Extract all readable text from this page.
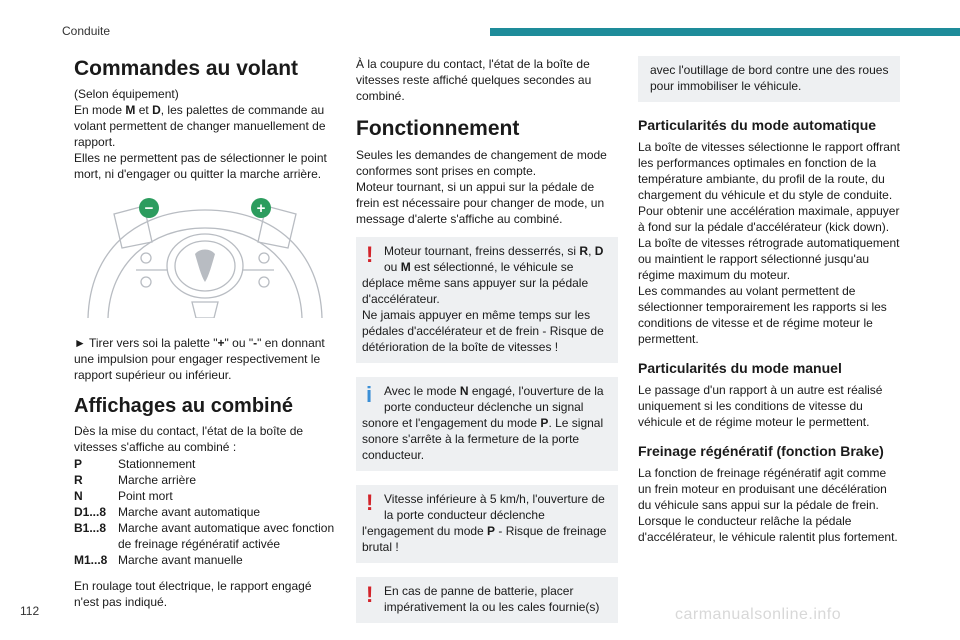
Conduite
Commandes au volant
(Selon équipement)
En mode M et D, les palettes de commande au volant permettent de changer manuellement de rapport.
Elles ne permettent pas de sélectionner le point mort, ni d'engager ou quitter la marche arrière.
−	+
► Tirer vers soi la palette "+" ou "-" en donnant une impulsion pour engager respectivement le rapport supérieur ou inférieur.
Affichages au combiné
Dès la mise du contact, l'état de la boîte de vitesses s'affiche au combiné :
P	Stationnement
R	Marche arrière
N	Point mort
D1...8 Marche avant automatique
B1...8 Marche avant automatique avec fonction de freinage régénératif activée
M1...8 Marche avant manuelle
En roulage tout électrique, le rapport engagé n'est pas indiqué.
À la coupure du contact, l'état de la boîte de vitesses reste affiché quelques secondes au combiné.
Fonctionnement
Seules les demandes de changement de mode conformes sont prises en compte.
Moteur tournant, si un appui sur la pédale de frein est nécessaire pour changer de mode, un message d'alerte s'affiche au combiné.
! Moteur tournant, freins desserrés, si R, D ou M est sélectionné, le véhicule se déplace même sans appuyer sur la pédale d'accélérateur.
Ne jamais appuyer en même temps sur les pédales d'accélérateur et de frein - Risque de détérioration de la boîte de vitesses !
i Avec le mode N engagé, l'ouverture de la porte conducteur déclenche un signal sonore et l'engagement du mode P. Le signal sonore s'arrête à la fermeture de la porte conducteur.
! Vitesse inférieure à 5 km/h, l'ouverture de la porte conducteur déclenche l'engagement du mode P - Risque de freinage brutal !
! En cas de panne de batterie, placer impérativement la ou les cales fournie(s)
avec l'outillage de bord contre une des roues pour immobiliser le véhicule.
Particularités du mode automatique
La boîte de vitesses sélectionne le rapport offrant les performances optimales en fonction de la température ambiante, du profil de la route, du chargement du véhicule et du style de conduite.
Pour obtenir une accélération maximale, appuyer à fond sur la pédale d'accélérateur (kick down). La boîte de vitesses rétrograde automatiquement ou maintient le rapport sélectionné jusqu'au régime maximum du moteur.
Les commandes au volant permettent de sélectionner temporairement les rapports si les conditions de vitesse et de régime moteur le permettent.
Particularités du mode manuel
Le passage d'un rapport à un autre est réalisé uniquement si les conditions de vitesse du véhicule et de régime moteur le permettent.
Freinage régénératif (fonction Brake)
La fonction de freinage régénératif agit comme un frein moteur en produisant une décélération du véhicule sans appui sur la pédale de frein.
Lorsque le conducteur relâche la pédale d'accélérateur, le véhicule ralentit plus fortement.
112	carmanualsonline.info
